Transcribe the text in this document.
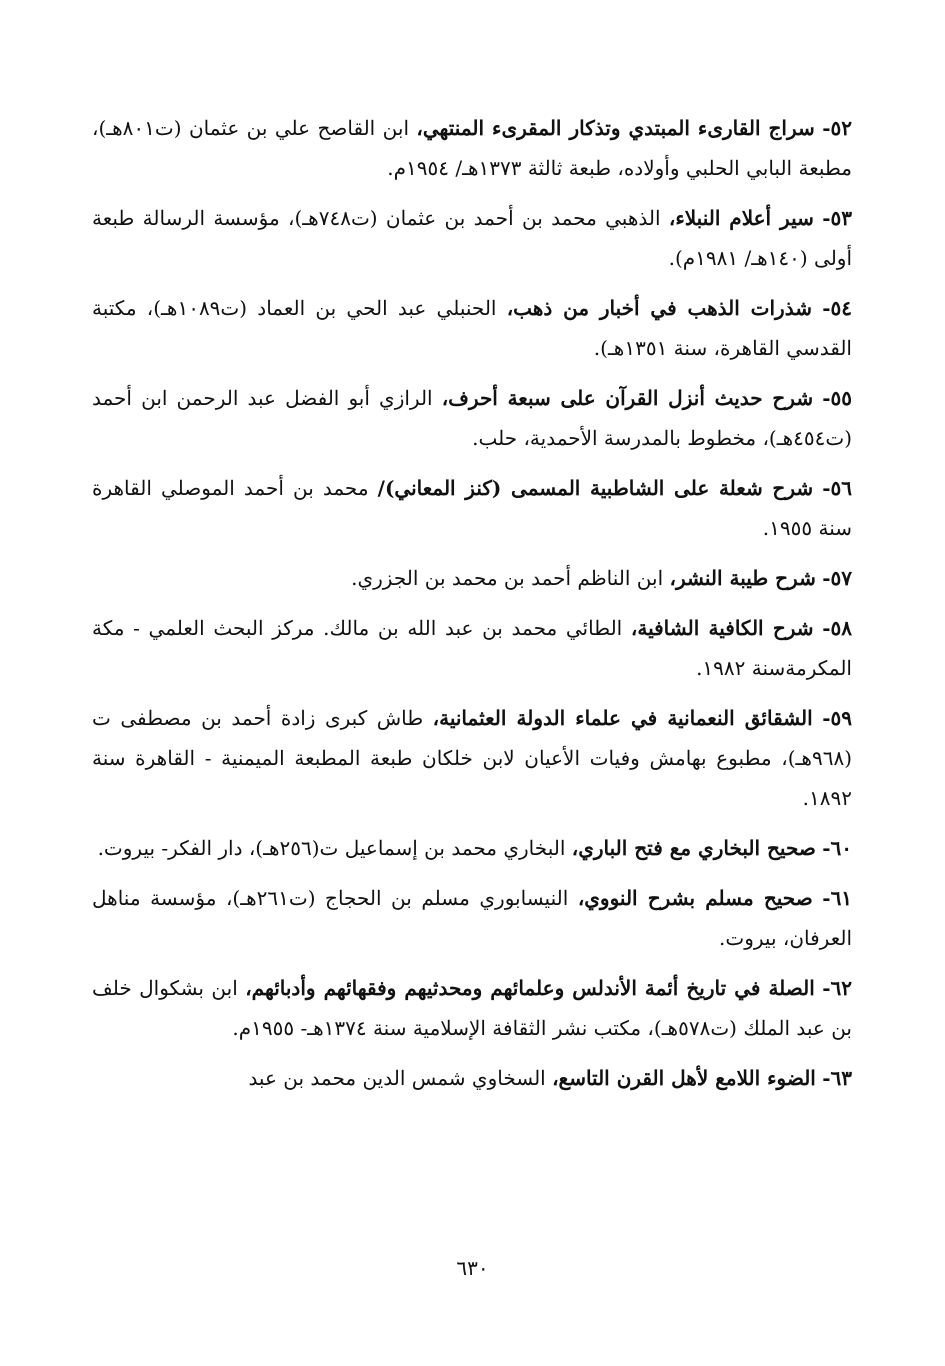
٥٢- سراج القارىء المبتدي وتذكار المقرىء المنتهي، ابن القاصح علي بن عثمان (ت٨٠١هـ)، مطبعة البابي الحلبي وأولاده، طبعة ثالثة ١٣٧٣هـ/ ١٩٥٤م.

٥٣- سير أعلام النبلاء، الذهبي محمد بن أحمد بن عثمان (ت٧٤٨هـ)، مؤسسة الرسالة طبعة أولى (١٤٠هـ/ ١٩٨١م).

٥٤- شذرات الذهب في أخبار من ذهب، الحنبلي عبد الحي بن العماد (ت١٠٨٩هـ)، مكتبة القدسي القاهرة، سنة ١٣٥١هـ).

٥٥- شرح حديث أنزل القرآن على سبعة أحرف، الرازي أبو الفضل عبد الرحمن ابن أحمد (ت٤٥٤هـ)، مخطوط بالمدرسة الأحمدية، حلب.

٥٦- شرح شعلة على الشاطبية المسمى (كنز المعاني)/ محمد بن أحمد الموصلي القاهرة سنة ١٩٥٥.

٥٧- شرح طيبة النشر، ابن الناظم أحمد بن محمد بن الجزري.

٥٨- شرح الكافية الشافية، الطائي محمد بن عبد الله بن مالك. مركز البحث العلمي - مكة المكرمةسنة ١٩٨٢.

٥٩- الشقائق النعمانية في علماء الدولة العثمانية، طاش كبرى زادة أحمد بن مصطفى ت (٩٦٨هـ)، مطبوع بهامش وفيات الأعيان لابن خلكان طبعة المطبعة الميمنية - القاهرة سنة ١٨٩٢.

٦٠- صحيح البخاري مع فتح الباري، البخاري محمد بن إسماعيل ت(٢٥٦هـ)، دار الفكر- بيروت.

٦١- صحيح مسلم بشرح النووي، النيسابوري مسلم بن الحجاج (ت٢٦١هـ)، مؤسسة مناهل العرفان، بيروت.

٦٢- الصلة في تاريخ أئمة الأندلس وعلمائهم ومحدثيهم وفقهائهم وأدبائهم، ابن بشكوال خلف بن عبد الملك (ت٥٧٨هـ)، مكتب نشر الثقافة الإسلامية سنة ١٣٧٤هـ- ١٩٥٥م.

٦٣- الضوء اللامع لأهل القرن التاسع، السخاوي شمس الدين محمد بن عبد

٦٣٠
